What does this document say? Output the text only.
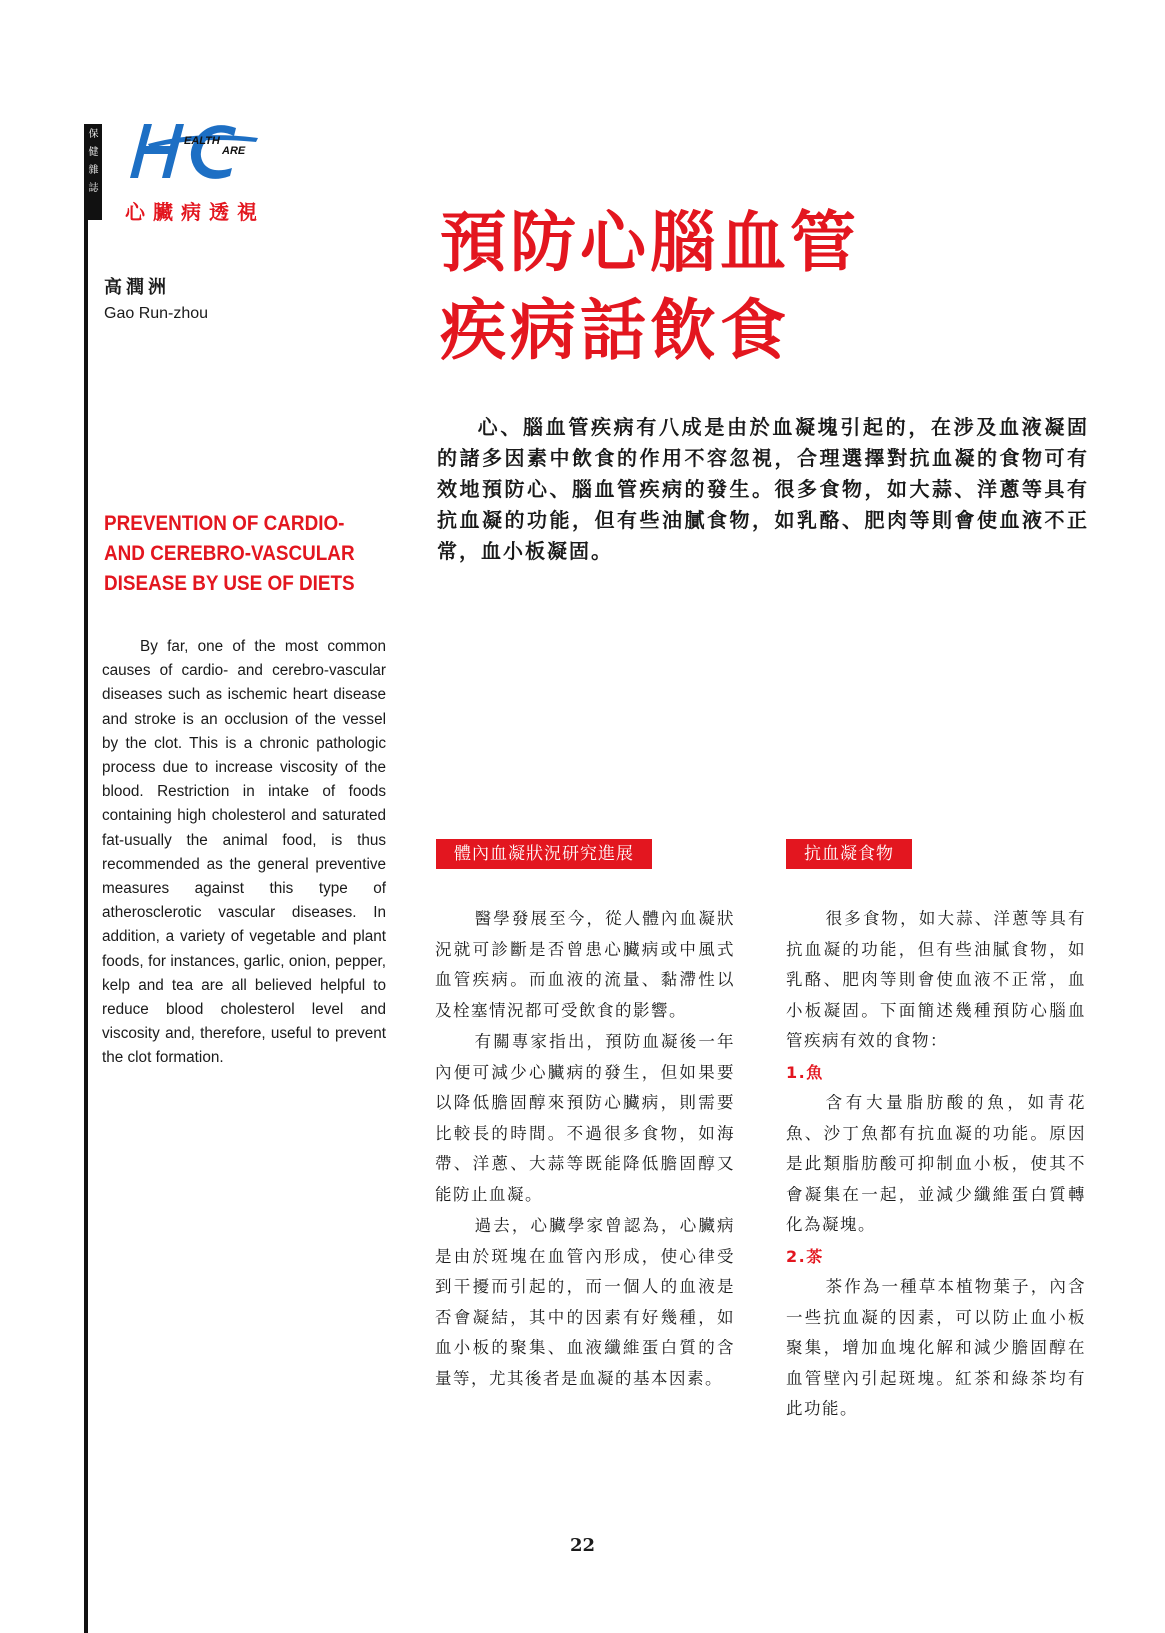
保健雜誌	EALTH
ARE
心臟病透視
高潤洲
Gao Run-zhou
預防心腦血管
疾病話飲食
心、腦血管疾病有八成是由於血凝塊引起的，在涉及血液凝固的諸多因素中飲食的作用不容忽視，合理選擇對抗血凝的食物可有效地預防心、腦血管疾病的發生。很多食物，如大蒜、洋蔥等具有抗血凝的功能，但有些油膩食物，如乳酪、肥肉等則會使血液不正常，血小板凝固。
PREVENTION OF CARDIO- AND CEREBRO-VASCULAR DISEASE BY USE OF DIETS
By far, one of the most common causes of cardio- and cerebro-vascular diseases such as ischemic heart disease and stroke is an occlusion of the vessel by the clot. This is a chronic pathologic process due to increase viscosity of the blood. Restriction in intake of foods containing high cholesterol and saturated fat-usually the animal food, is thus recommended as the general preventive measures against this type of atherosclerotic vascular diseases. In addition, a variety of vegetable and plant foods, for instances, garlic, onion, pepper, kelp and tea are all believed helpful to reduce blood cholesterol level and viscosity and, therefore, useful to prevent the clot formation.
體內血凝狀況研究進展	抗血凝食物

醫學發展至今，從人體內血凝狀況就可診斷是否曾患心臟病或中風式血管疾病。而血液的流量、黏滯性以及栓塞情況都可受飲食的影響。

有關專家指出，預防血凝後一年內便可減少心臟病的發生，但如果要以降低膽固醇來預防心臟病，則需要比較長的時間。不過很多食物，如海帶、洋蔥、大蒜等既能降低膽固醇又能防止血凝。

過去，心臟學家曾認為，心臟病是由於斑塊在血管內形成，使心律受到干擾而引起的，而一個人的血液是否會凝結，其中的因素有好幾種，如血小板的聚集、血液纖維蛋白質的含量等，尤其後者是血凝的基本因素。

很多食物，如大蒜、洋蔥等具有抗血凝的功能，但有些油膩食物，如乳酪、肥肉等則會使血液不正常，血小板凝固。下面簡述幾種預防心腦血管疾病有效的食物：

1.魚

含有大量脂肪酸的魚，如青花魚、沙丁魚都有抗血凝的功能。原因是此類脂肪酸可抑制血小板，使其不會凝集在一起，並減少纖維蛋白質轉化為凝塊。

2.茶

茶作為一種草本植物葉子，內含一些抗血凝的因素，可以防止血小板聚集，增加血塊化解和減少膽固醇在血管壁內引起斑塊。紅茶和綠茶均有此功能。

22
